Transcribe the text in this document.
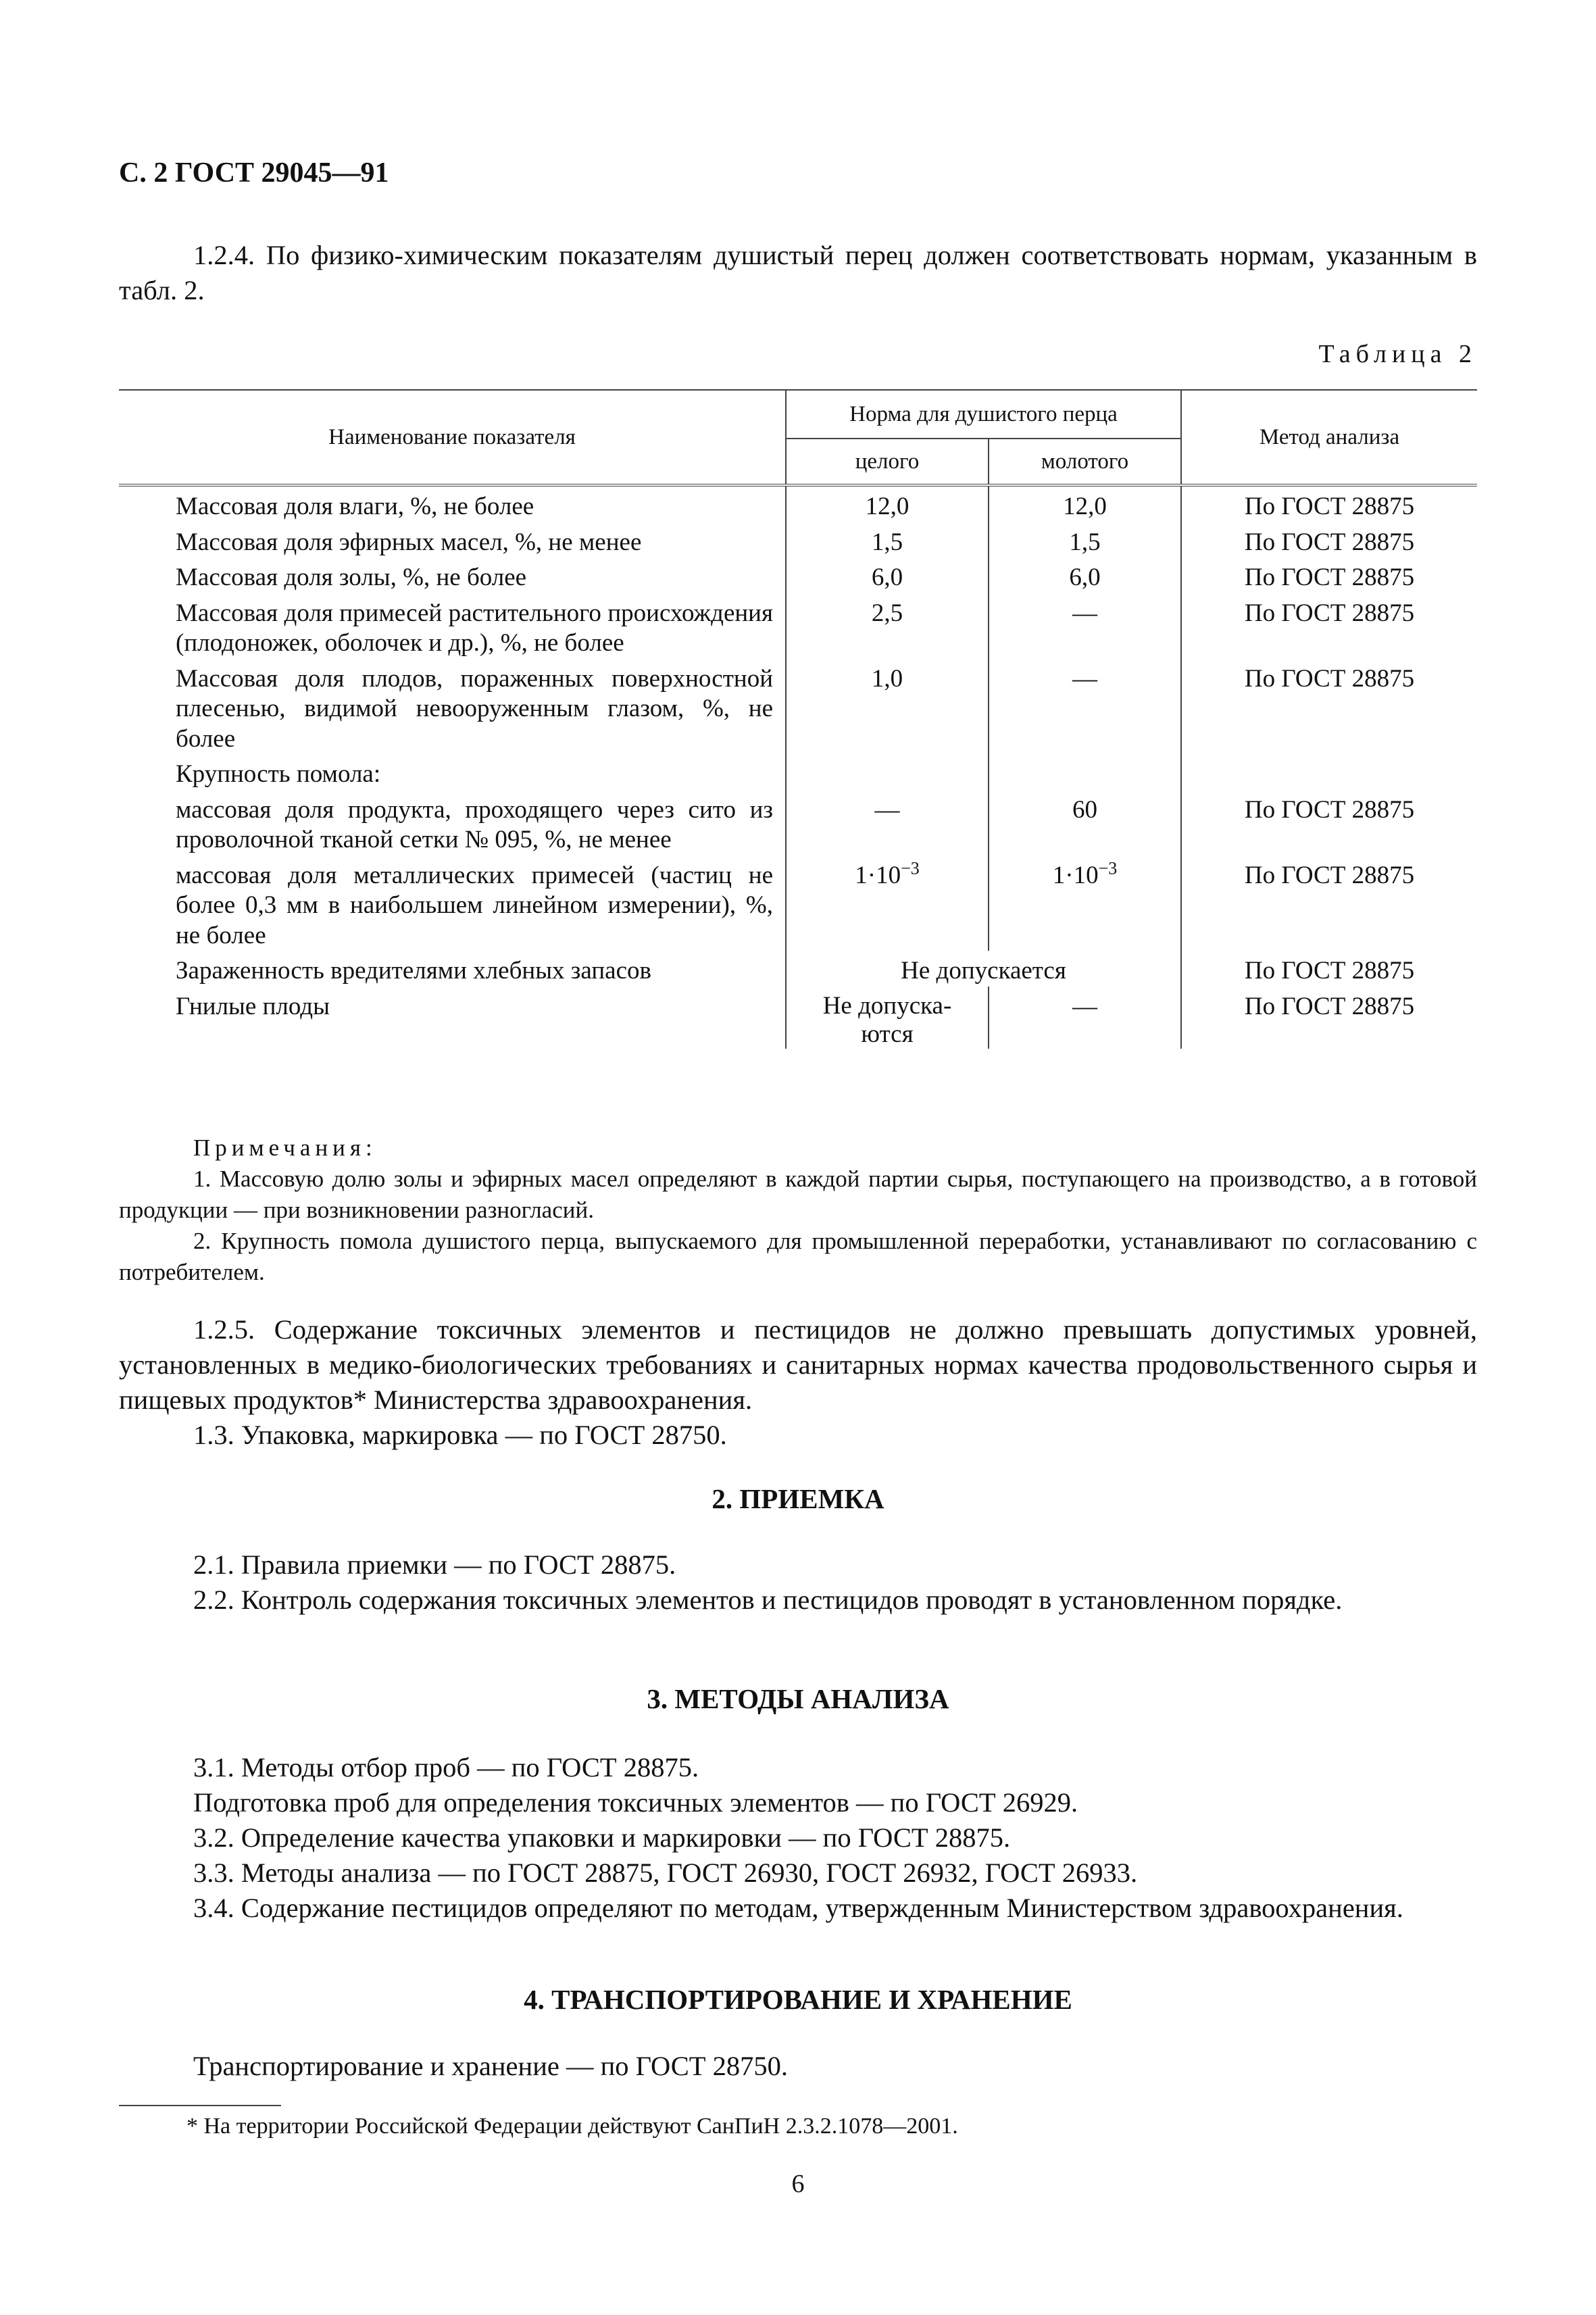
С. 2 ГОСТ 29045—91

1.2.4. По физико-химическим показателям душистый перец должен соответствовать нормам, указанным в табл. 2.

Таблица 2
Наименование показателя	Норма для душистого перца		Метод анализа
	целого	молотого	
Массовая доля влаги, %, не более	12,0	12,0	По ГОСТ 28875
Массовая доля эфирных масел, %, не менее	1,5	1,5	По ГОСТ 28875
Массовая доля золы, %, не более	6,0	6,0	По ГОСТ 28875
Массовая доля примесей растительного происхождения (плодоножек, оболочек и др.), %, не более	2,5	—	По ГОСТ 28875
Массовая доля плодов, пораженных поверхностной плесенью, видимой невооруженным глазом, %, не более	1,0	—	По ГОСТ 28875
Крупность помола:			
массовая доля продукта, проходящего через сито из проволочной тканой сетки № 095, %, не менее	—	60	По ГОСТ 28875
массовая доля металлических примесей (частиц не более 0,3 мм в наибольшем линейном измерении), %, не более	$1\cdot 10^{-3}$	$1\cdot 10^{-3}$	По ГОСТ 28875
Зараженность вредителями хлебных запасов	Не допускается		По ГОСТ 28875
Гнилые плоды	Не допуска-ются	—	По ГОСТ 28875
Примечания:

1. Массовую долю золы и эфирных масел определяют в каждой партии сырья, поступающего на производство, а в готовой продукции — при возникновении разногласий.

2. Крупность помола душистого перца, выпускаемого для промышленной переработки, устанавливают по согласованию с потребителем.

1.2.5. Содержание токсичных элементов и пестицидов не должно превышать допустимых уровней, установленных в медико-биологических требованиях и санитарных нормах качества продовольственного сырья и пищевых продуктов* Министерства здравоохранения.

1.3. Упаковка, маркировка — по ГОСТ 28750.

2. ПРИЕМКА

2.1. Правила приемки — по ГОСТ 28875.

2.2. Контроль содержания токсичных элементов и пестицидов проводят в установленном порядке.

3. МЕТОДЫ АНАЛИЗА

3.1. Методы отбор проб — по ГОСТ 28875.

Подготовка проб для определения токсичных элементов — по ГОСТ 26929.

3.2. Определение качества упаковки и маркировки — по ГОСТ 28875.

3.3. Методы анализа — по ГОСТ 28875, ГОСТ 26930, ГОСТ 26932, ГОСТ 26933.

3.4. Содержание пестицидов определяют по методам, утвержденным Министерством здравоохранения.

4. ТРАНСПОРТИРОВАНИЕ И ХРАНЕНИЕ

Транспортирование и хранение — по ГОСТ 28750.

* На территории Российской Федерации действуют СанПиН 2.3.2.1078—2001.
6
